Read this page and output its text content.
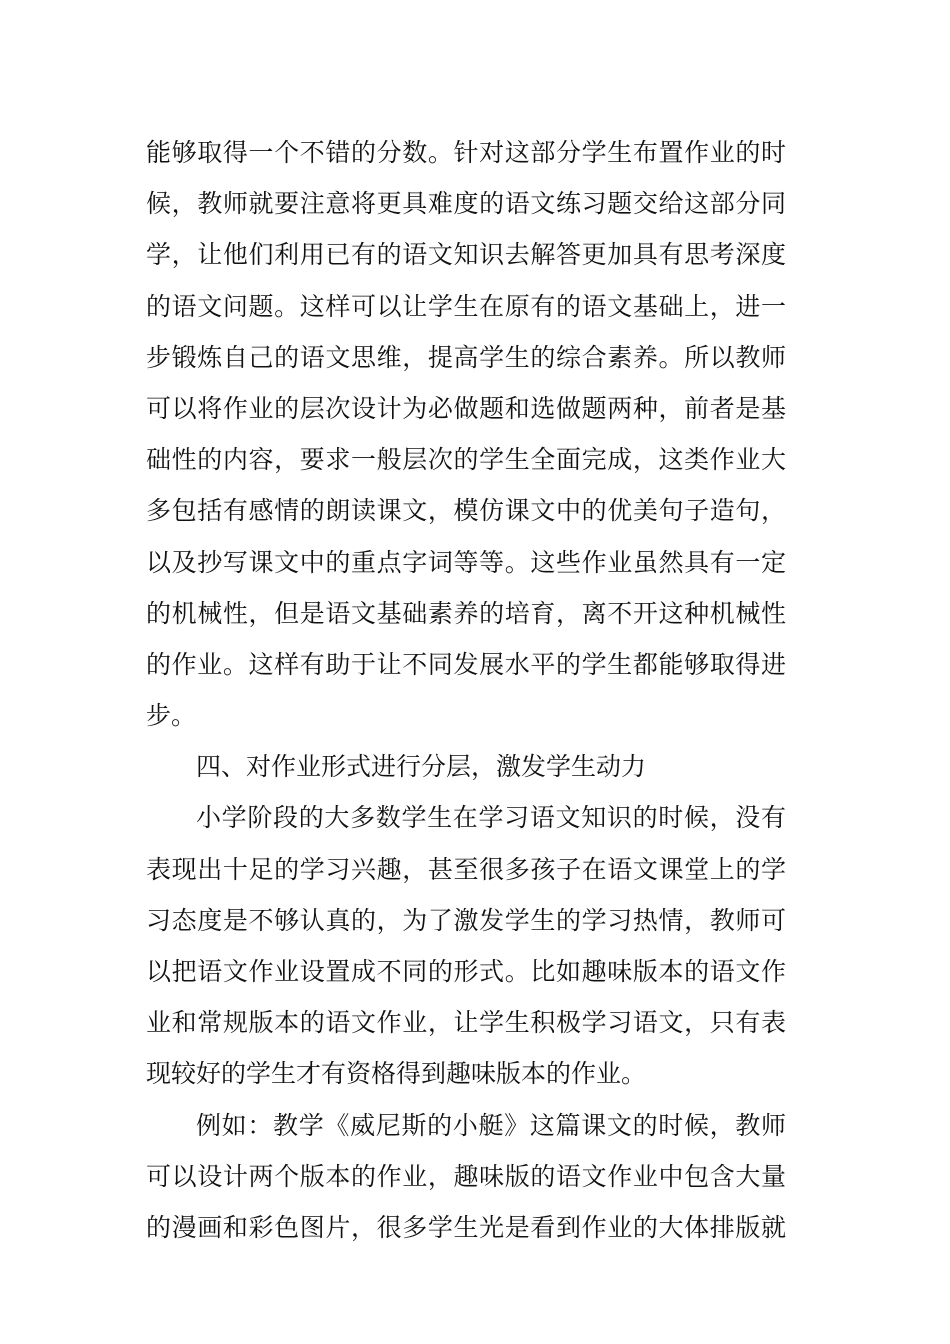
能够取得一个不错的分数。针对这部分学生布置作业的时
候，教师就要注意将更具难度的语文练习题交给这部分同
学，让他们利用已有的语文知识去解答更加具有思考深度
的语文问题。这样可以让学生在原有的语文基础上，进一
步锻炼自己的语文思维，提高学生的综合素养。所以教师
可以将作业的层次设计为必做题和选做题两种，前者是基
础性的内容，要求一般层次的学生全面完成，这类作业大
多包括有感情的朗读课文，模仿课文中的优美句子造句，
以及抄写课文中的重点字词等等。这些作业虽然具有一定
的机械性，但是语文基础素养的培育，离不开这种机械性
的作业。这样有助于让不同发展水平的学生都能够取得进
步。
四、对作业形式进行分层，激发学生动力
小学阶段的大多数学生在学习语文知识的时候，没有
表现出十足的学习兴趣，甚至很多孩子在语文课堂上的学
习态度是不够认真的，为了激发学生的学习热情，教师可
以把语文作业设置成不同的形式。比如趣味版本的语文作
业和常规版本的语文作业，让学生积极学习语文，只有表
现较好的学生才有资格得到趣味版本的作业。
例如：教学《威尼斯的小艇》这篇课文的时候，教师
可以设计两个版本的作业，趣味版的语文作业中包含大量
的漫画和彩色图片，很多学生光是看到作业的大体排版就
